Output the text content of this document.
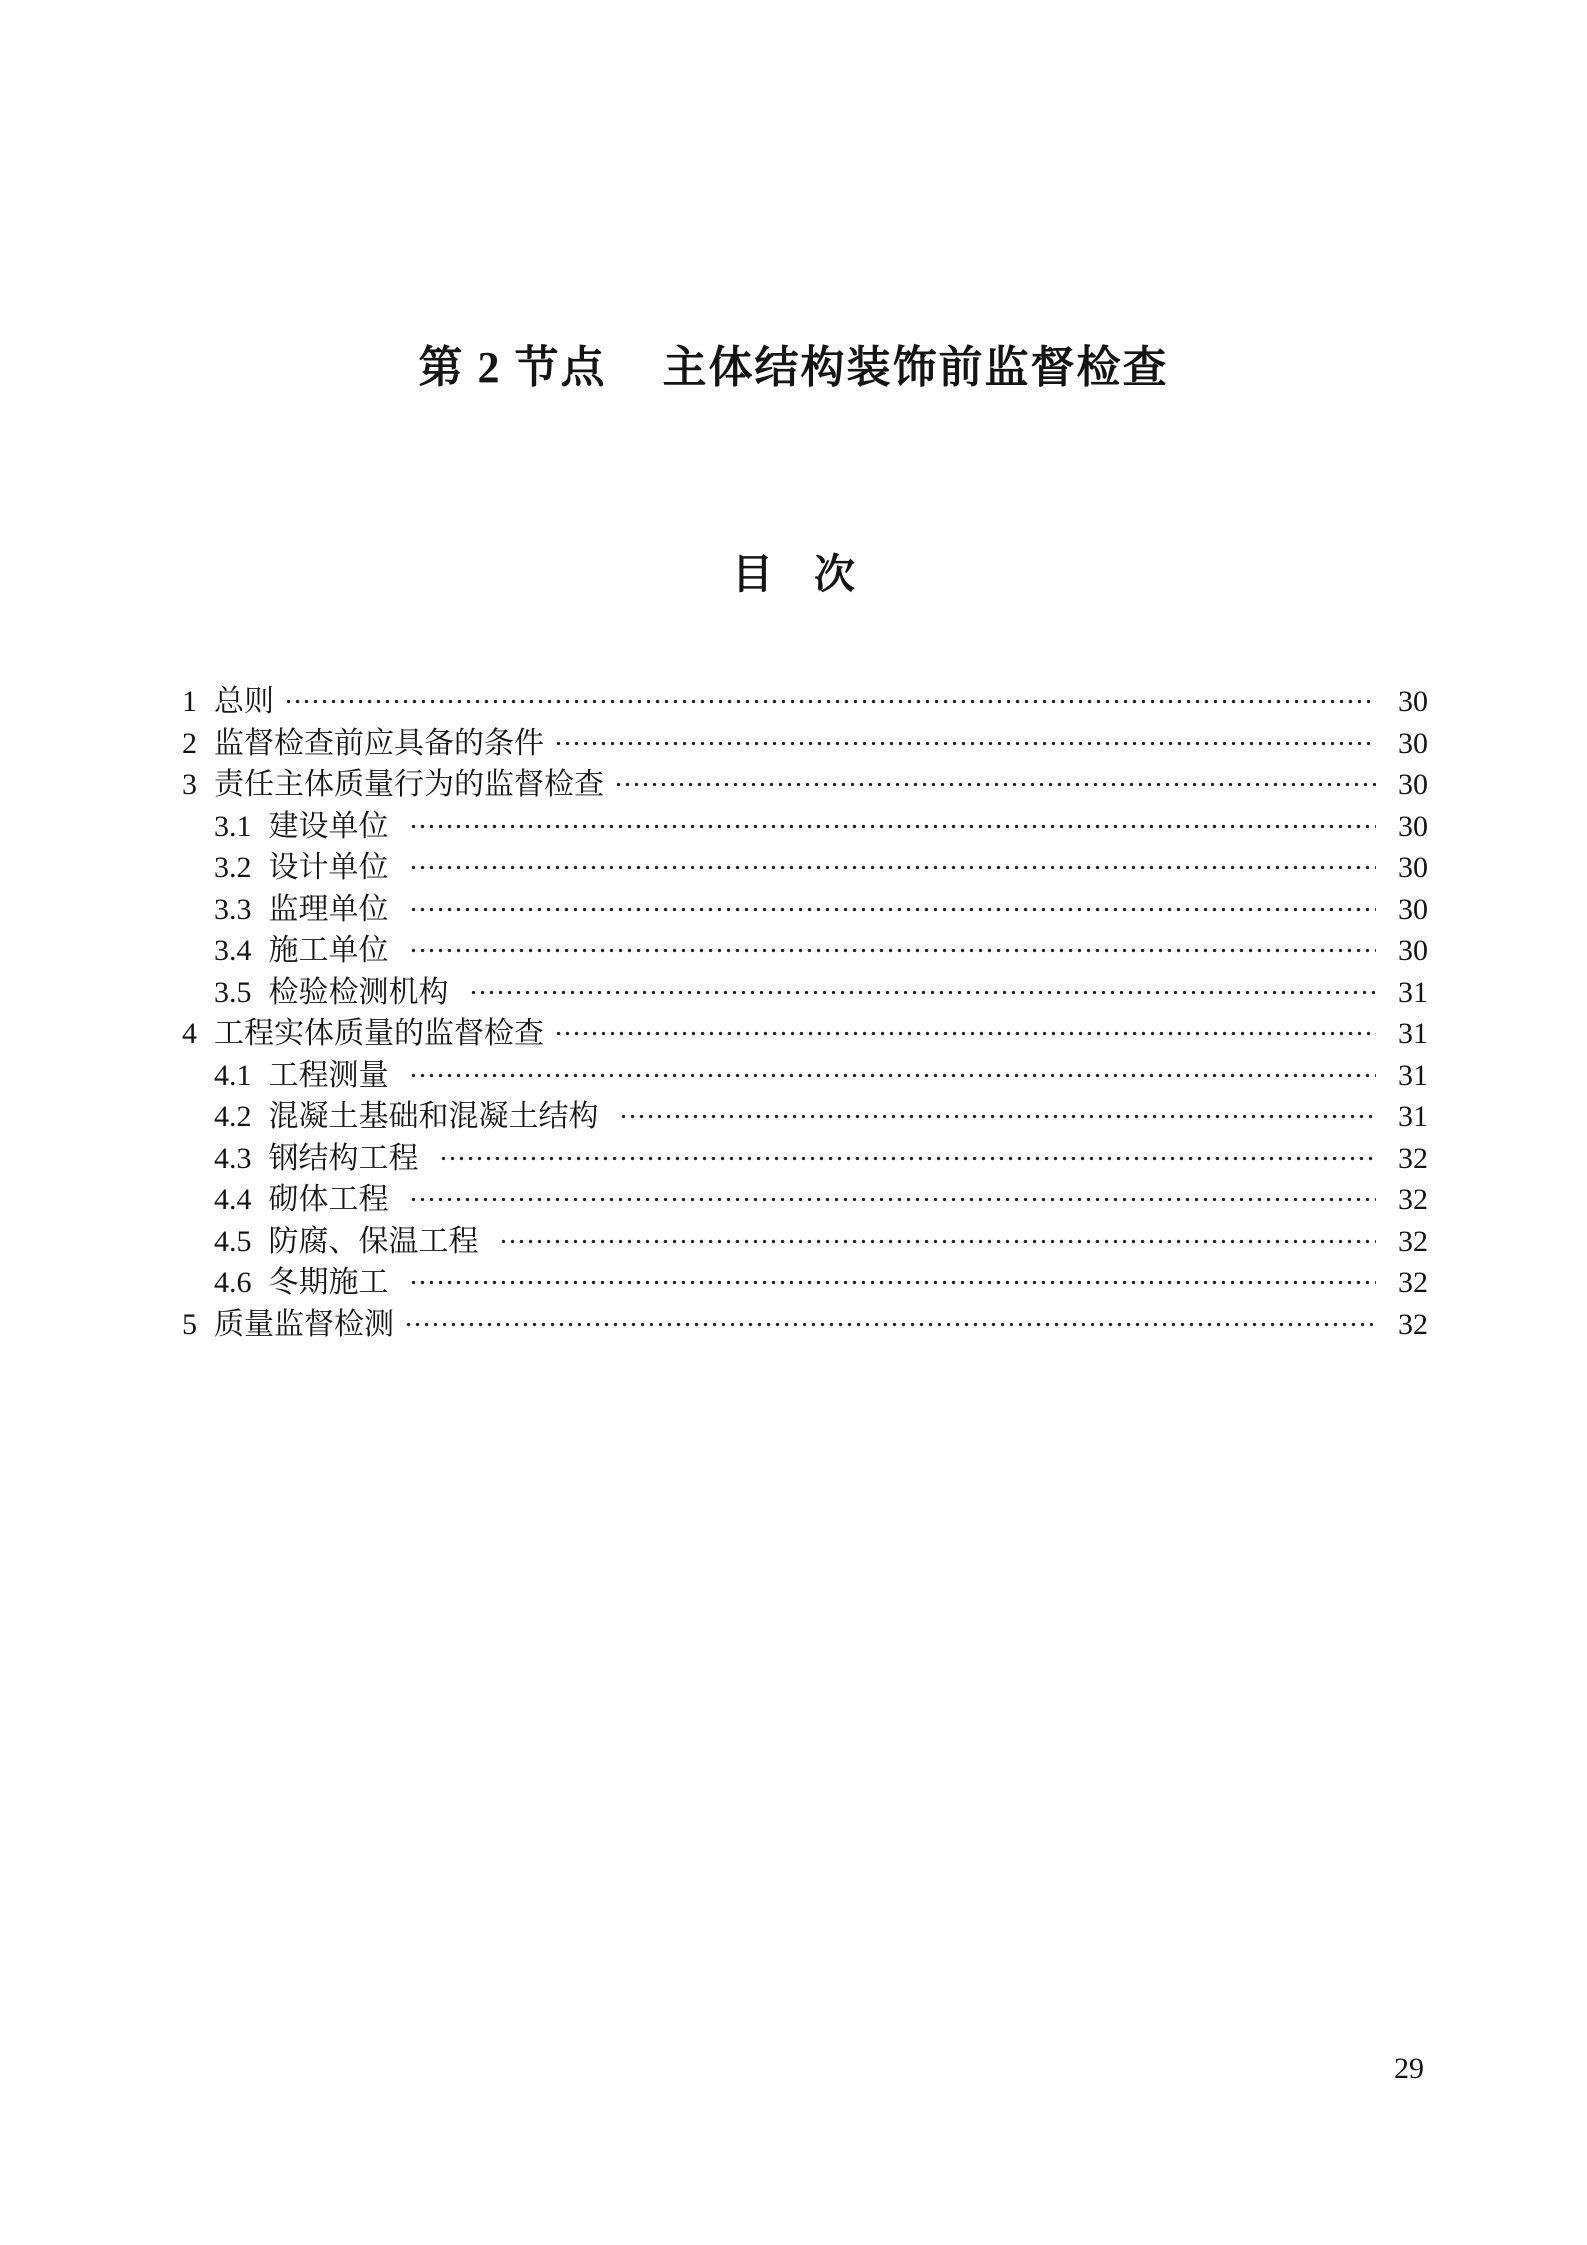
第 2 节点 主体结构装饰前监督检查
目　次
1 总则	30
2 监督检查前应具备的条件	30
3 责任主体质量行为的监督检查	30
3.1 建设单位	30
3.2 设计单位	30
3.3 监理单位	30
3.4 施工单位	30
3.5 检验检测机构	31
4 工程实体质量的监督检查	31
4.1 工程测量	31
4.2 混凝土基础和混凝土结构	31
4.3 钢结构工程	32
4.4 砌体工程	32
4.5 防腐、保温工程	32
4.6 冬期施工	32
5 质量监督检测	32
29
